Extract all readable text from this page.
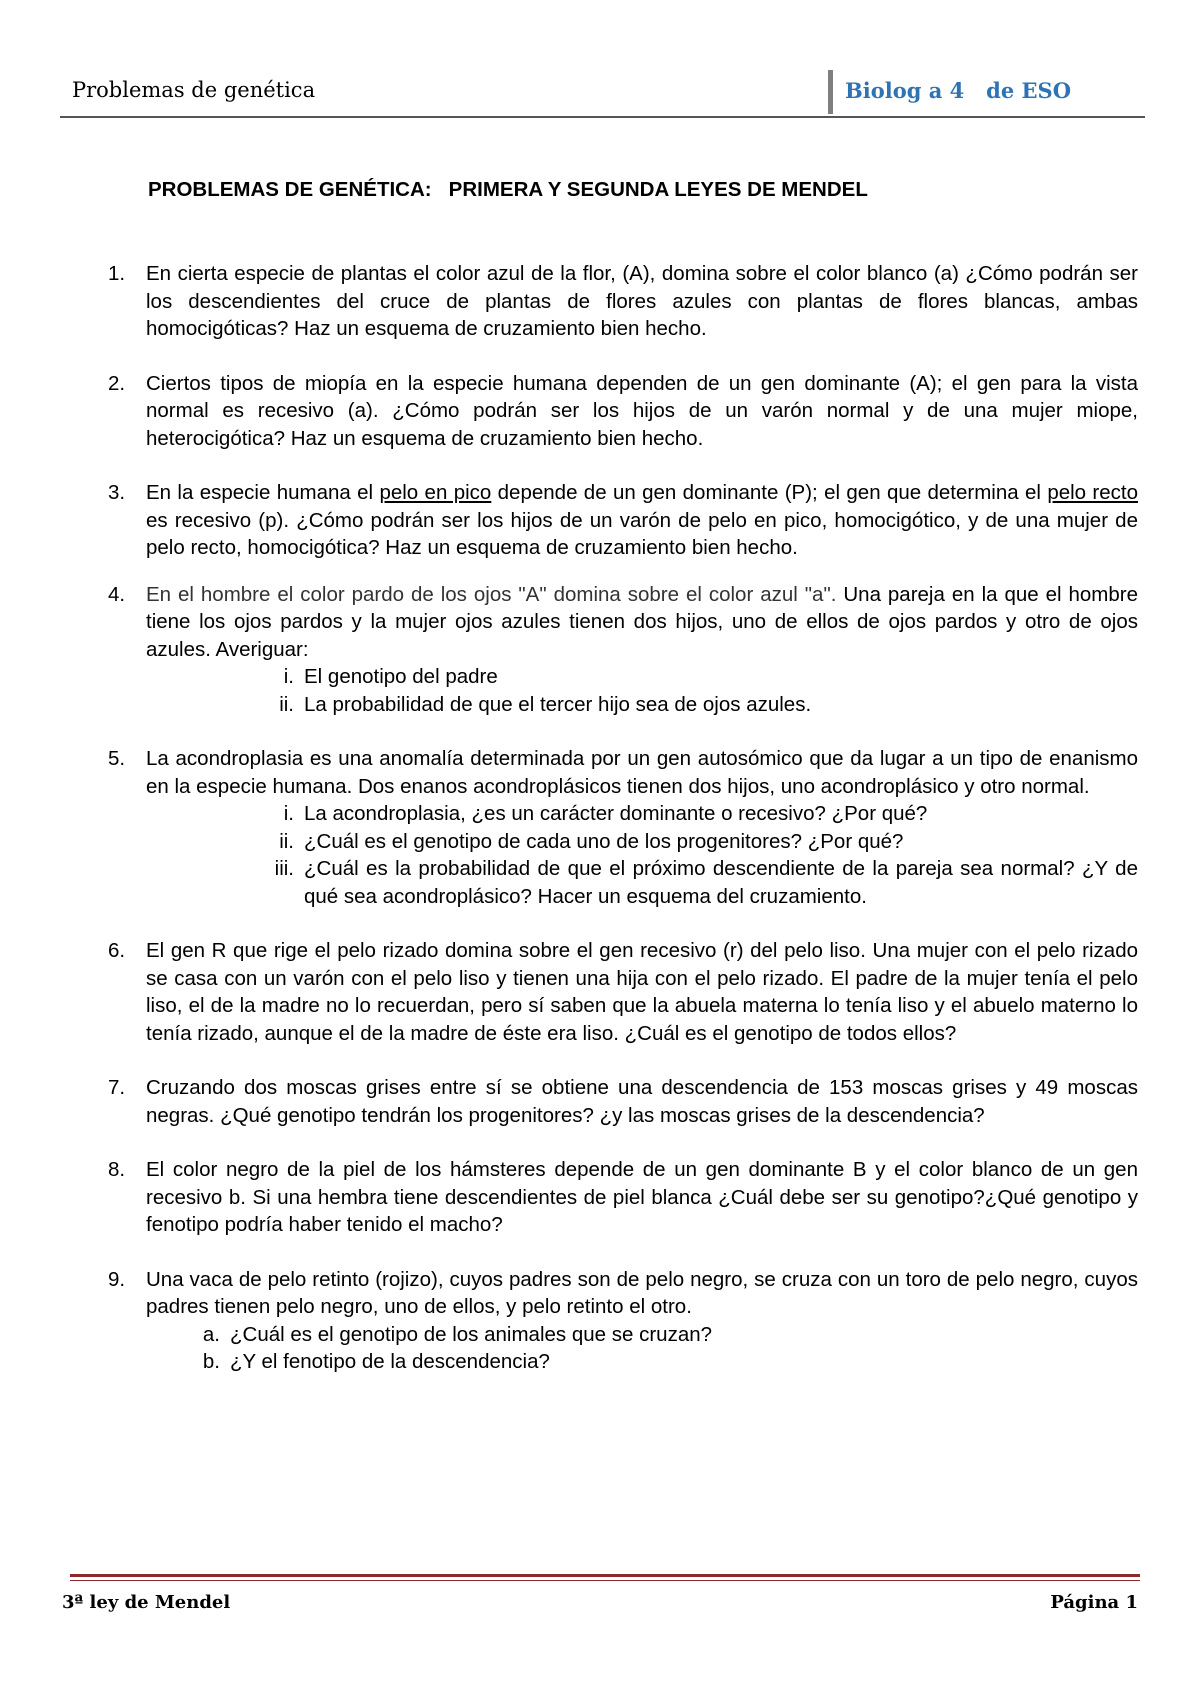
Problemas de genética	Biolog a 4   de ESO
PROBLEMAS DE GENÉTICA:   PRIMERA Y SEGUNDA LEYES DE MENDEL
1.	En cierta especie de plantas el color azul de la flor, (A), domina sobre el color blanco (a) ¿Cómo podrán ser los descendientes del cruce de plantas de flores azules con plantas de flores blancas, ambas homocigóticas? Haz un esquema de cruzamiento bien hecho.

2.	Ciertos tipos de miopía en la especie humana dependen de un gen dominante (A); el gen para la vista normal es recesivo (a). ¿Cómo podrán ser los hijos de un varón normal y de una mujer miope, heterocigótica? Haz un esquema de cruzamiento bien hecho.

3.	En la especie humana el pelo en pico depende de un gen dominante (P); el gen que determina el pelo recto es recesivo (p). ¿Cómo podrán ser los hijos de un varón de pelo en pico, homocigótico, y de una mujer de pelo recto, homocigótica? Haz un esquema de cruzamiento bien hecho.

4.	En el hombre el color pardo de los ojos "A" domina sobre el color azul "a". Una pareja en la que el hombre tiene los ojos pardos y la mujer ojos azules tienen dos hijos, uno de ellos de ojos pardos y otro de ojos azules. Averiguar:

i. El genotipo del padre
ii. La probabilidad de que el tercer hijo sea de ojos azules.
5.	La acondroplasia es una anomalía determinada por un gen autosómico que da lugar a un tipo de enanismo en la especie humana. Dos enanos acondroplásicos tienen dos hijos, uno acondroplásico y otro normal.

i. La acondroplasia, ¿es un carácter dominante o recesivo? ¿Por qué?
ii. ¿Cuál es el genotipo de cada uno de los progenitores? ¿Por qué?
iii. ¿Cuál es la probabilidad de que el próximo descendiente de la pareja sea normal? ¿Y de qué sea acondroplásico? Hacer un esquema del cruzamiento.
6.	El gen R que rige el pelo rizado domina sobre el gen recesivo (r) del pelo liso. Una mujer con el pelo rizado se casa con un varón con el pelo liso y tienen una hija con el pelo rizado. El padre de la mujer tenía el pelo liso, el de la madre no lo recuerdan, pero sí saben que la abuela materna lo tenía liso y el abuelo materno lo tenía rizado, aunque el de la madre de éste era liso. ¿Cuál es el genotipo de todos ellos?

7.	Cruzando dos moscas grises entre sí se obtiene una descendencia de 153 moscas grises y 49 moscas negras. ¿Qué genotipo tendrán los progenitores? ¿y las moscas grises de la descendencia?

8.	El color negro de la piel de los hámsteres depende de un gen dominante B y el color blanco de un gen recesivo b. Si una hembra tiene descendientes de piel blanca ¿Cuál debe ser su genotipo?¿Qué genotipo y fenotipo podría haber tenido el macho?

9.	Una vaca de pelo retinto (rojizo), cuyos padres son de pelo negro, se cruza con un toro de pelo negro, cuyos padres tienen pelo negro, uno de ellos, y pelo retinto el otro.

a. ¿Cuál es el genotipo de los animales que se cruzan?
b. ¿Y el fenotipo de la descendencia?
3ª ley de Mendel	Página 1
